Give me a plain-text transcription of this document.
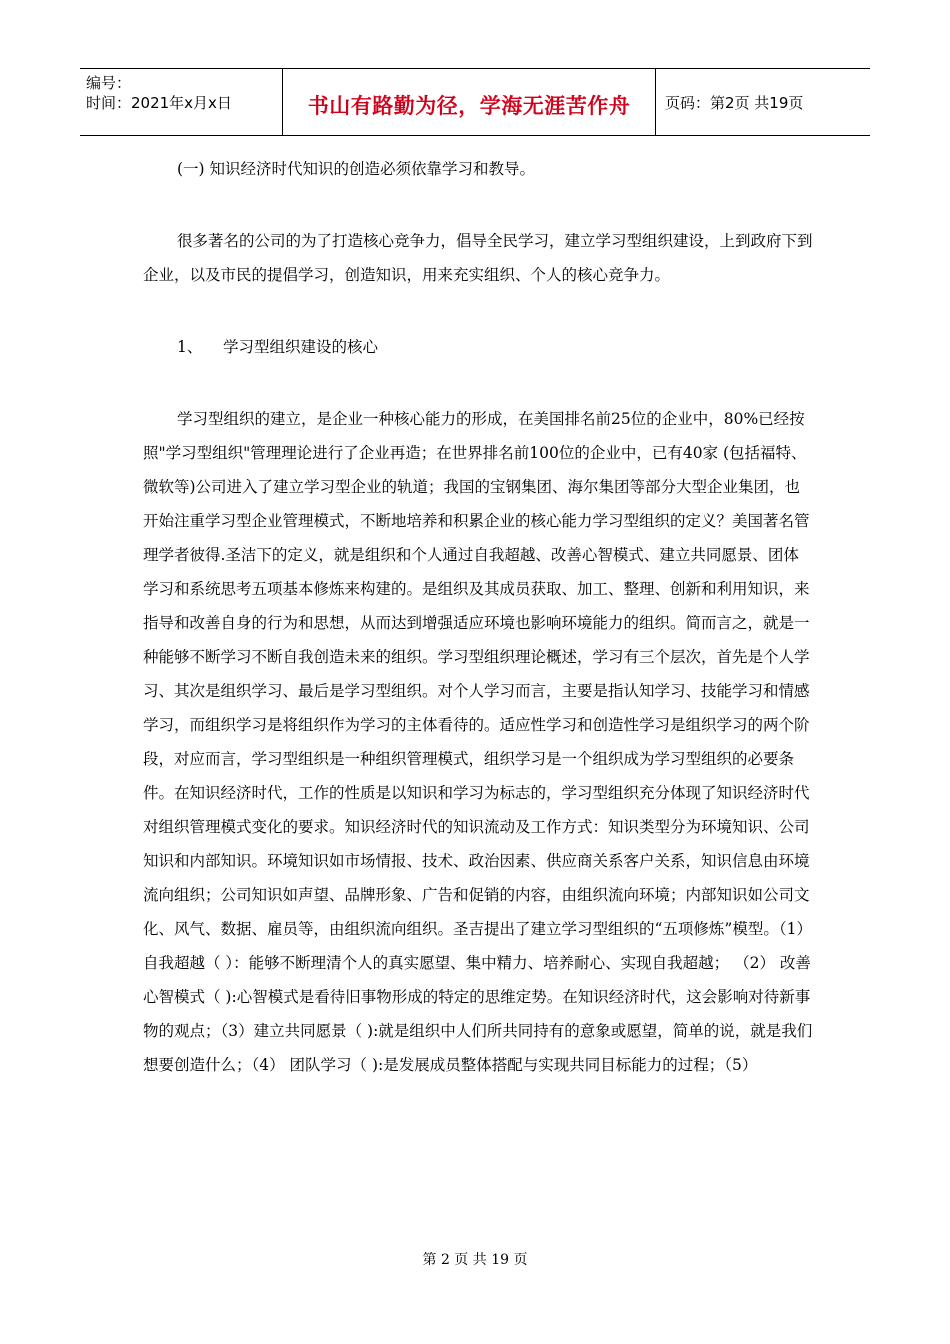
编号：
时间：2021年x月x日	书山有路勤为径，学海无涯苦作舟 页码：第2页 共19页

(一) 知识经济时代知识的创造必须依靠学习和教导。

很多著名的公司的为了打造核心竞争力，倡导全民学习，建立学习型组织建设，上到政府下到企业，以及市民的提倡学习，创造知识，用来充实组织、个人的核心竞争力。

1、 学习型组织建设的核心

学习型组织的建立，是企业一种核心能力的形成，在美国排名前25位的企业中，80%已经按照"学习型组织"管理理论进行了企业再造；在世界排名前100位的企业中，已有40家 (包括福特、微软等)公司进入了建立学习型企业的轨道；我国的宝钢集团、海尔集团等部分大型企业集团，也开始注重学习型企业管理模式，不断地培养和积累企业的核心能力学习型组织的定义？美国著名管理学者彼得.圣洁下的定义，就是组织和个人通过自我超越、改善心智模式、建立共同愿景、团体学习和系统思考五项基本修炼来构建的。是组织及其成员获取、加工、整理、创新和利用知识，来指导和改善自身的行为和思想，从而达到增强适应环境也影响环境能力的组织。简而言之，就是一种能够不断学习不断自我创造未来的组织。学习型组织理论概述，学习有三个层次，首先是个人学习、其次是组织学习、最后是学习型组织。对个人学习而言，主要是指认知学习、技能学习和情感学习，而组织学习是将组织作为学习的主体看待的。适应性学习和创造性学习是组织学习的两个阶段，对应而言，学习型组织是一种组织管理模式，组织学习是一个组织成为学习型组织的必要条件。在知识经济时代，工作的性质是以知识和学习为标志的，学习型组织充分体现了知识经济时代对组织管理模式变化的要求。知识经济时代的知识流动及工作方式：知识类型分为环境知识、公司知识和内部知识。环境知识如市场情报、技术、政治因素、供应商关系客户关系，知识信息由环境流向组织；公司知识如声望、品牌形象、广告和促销的内容，由组织流向环境；内部知识如公司文化、风气、数据、雇员等，由组织流向组织。圣吉提出了建立学习型组织的“五项修炼”模型。（1） 自我超越（ ）：能够不断理清个人的真实愿望、集中精力、培养耐心、实现自我超越； （2） 改善心智模式（ ):心智模式是看待旧事物形成的特定的思维定势。在知识经济时代，这会影响对待新事物的观点；（3）建立共同愿景（ ):就是组织中人们所共同持有的意象或愿望，简单的说，就是我们想要创造什么；（4） 团队学习（ ):是发展成员整体搭配与实现共同目标能力的过程；（5）

第 2 页 共 19 页
